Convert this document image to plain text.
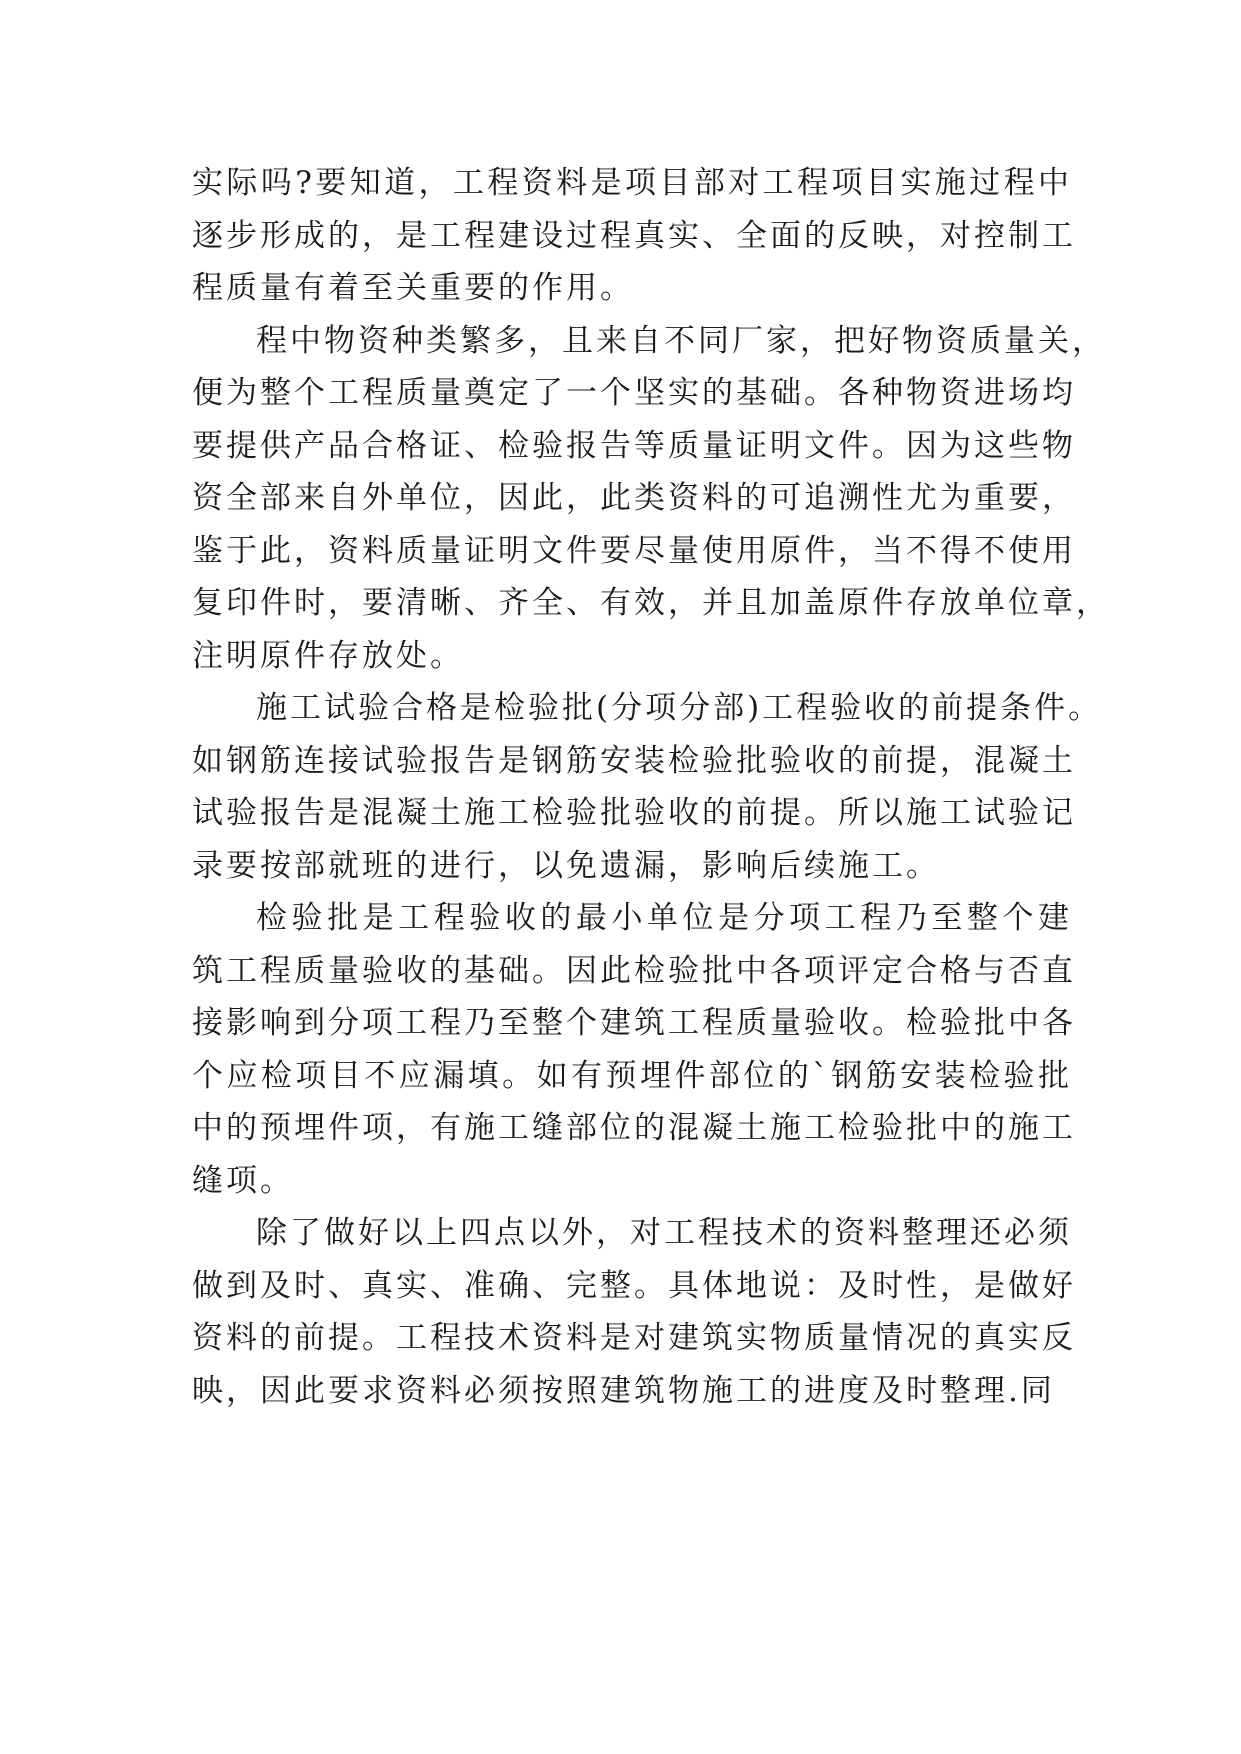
实际吗?要知道，工程资料是项目部对工程项目实施过程中
逐步形成的，是工程建设过程真实、全面的反映，对控制工
程质量有着至关重要的作用。
程中物资种类繁多，且来自不同厂家，把好物资质量关，
便为整个工程质量奠定了一个坚实的基础。各种物资进场均
要提供产品合格证、检验报告等质量证明文件。因为这些物
资全部来自外单位，因此，此类资料的可追溯性尤为重要，
鉴于此，资料质量证明文件要尽量使用原件，当不得不使用
复印件时，要清晰、齐全、有效，并且加盖原件存放单位章，
注明原件存放处。
施工试验合格是检验批(分项分部)工程验收的前提条件。
如钢筋连接试验报告是钢筋安装检验批验收的前提，混凝土
试验报告是混凝土施工检验批验收的前提。所以施工试验记
录要按部就班的进行，以免遗漏，影响后续施工。
检验批是工程验收的最小单位是分项工程乃至整个建
筑工程质量验收的基础。因此检验批中各项评定合格与否直
接影响到分项工程乃至整个建筑工程质量验收。检验批中各
个应检项目不应漏填。如有预埋件部位的`钢筋安装检验批
中的预埋件项，有施工缝部位的混凝土施工检验批中的施工
缝项。
除了做好以上四点以外，对工程技术的资料整理还必须
做到及时、真实、准确、完整。具体地说：及时性，是做好
资料的前提。工程技术资料是对建筑实物质量情况的真实反
映，因此要求资料必须按照建筑物施工的进度及时整理.同
